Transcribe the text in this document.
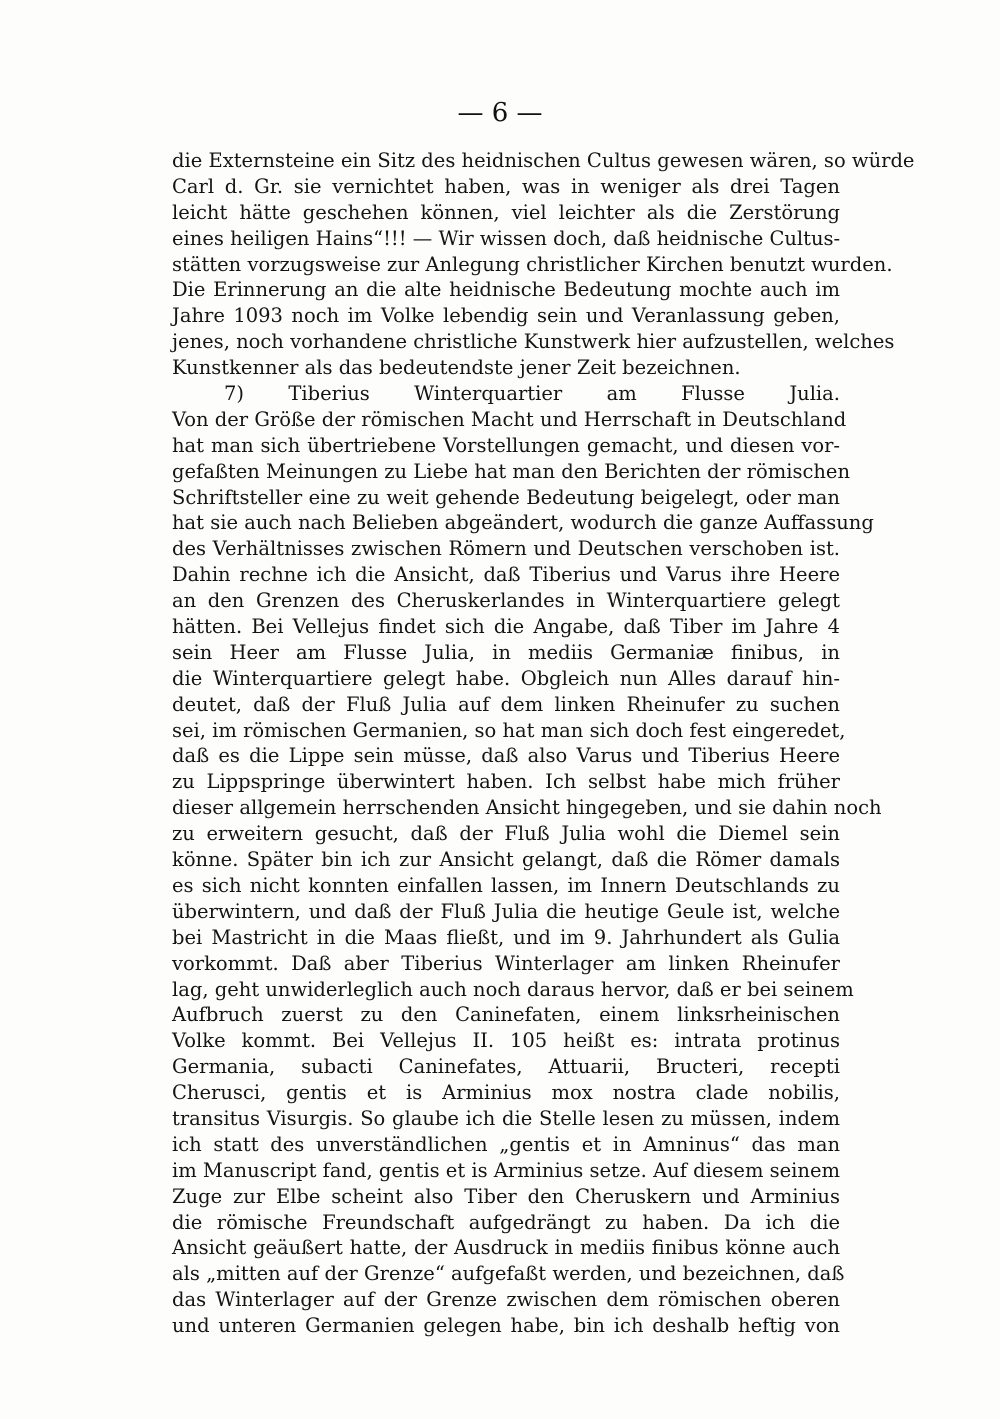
— 6 —
die Externsteine ein Sitz des heidnischen Cultus gewesen wären, so würde
Carl d. Gr. sie vernichtet haben, was in weniger als drei Tagen
leicht hätte geschehen können, viel leichter als die Zerstörung
eines heiligen Hains“!!! — Wir wissen doch, daß heidnische Cultus-
stätten vorzugsweise zur Anlegung christlicher Kirchen benutzt wurden.
Die Erinnerung an die alte heidnische Bedeutung mochte auch im
Jahre 1093 noch im Volke lebendig sein und Veranlassung geben,
jenes, noch vorhandene christliche Kunstwerk hier aufzustellen, welches
Kunstkenner als das bedeutendste jener Zeit bezeichnen.
7) Tiberius Winterquartier am Flusse Julia.
Von der Größe der römischen Macht und Herrschaft in Deutschland
hat man sich übertriebene Vorstellungen gemacht, und diesen vor-
gefaßten Meinungen zu Liebe hat man den Berichten der römischen
Schriftsteller eine zu weit gehende Bedeutung beigelegt, oder man
hat sie auch nach Belieben abgeändert, wodurch die ganze Auffassung
des Verhältnisses zwischen Römern und Deutschen verschoben ist.
Dahin rechne ich die Ansicht, daß Tiberius und Varus ihre Heere
an den Grenzen des Cheruskerlandes in Winterquartiere gelegt
hätten. Bei Vellejus findet sich die Angabe, daß Tiber im Jahre 4
sein Heer am Flusse Julia, in mediis Germaniæ finibus, in
die Winterquartiere gelegt habe. Obgleich nun Alles darauf hin-
deutet, daß der Fluß Julia auf dem linken Rheinufer zu suchen
sei, im römischen Germanien, so hat man sich doch fest eingeredet,
daß es die Lippe sein müsse, daß also Varus und Tiberius Heere
zu Lippspringe überwintert haben. Ich selbst habe mich früher
dieser allgemein herrschenden Ansicht hingegeben, und sie dahin noch
zu erweitern gesucht, daß der Fluß Julia wohl die Diemel sein
könne. Später bin ich zur Ansicht gelangt, daß die Römer damals
es sich nicht konnten einfallen lassen, im Innern Deutschlands zu
überwintern, und daß der Fluß Julia die heutige Geule ist, welche
bei Mastricht in die Maas fließt, und im 9. Jahrhundert als Gulia
vorkommt. Daß aber Tiberius Winterlager am linken Rheinufer
lag, geht unwiderleglich auch noch daraus hervor, daß er bei seinem
Aufbruch zuerst zu den Caninefaten, einem linksrheinischen
Volke kommt. Bei Vellejus II. 105 heißt es: intrata protinus
Germania, subacti Caninefates, Attuarii, Bructeri, recepti
Cherusci, gentis et is Arminius mox nostra clade nobilis,
transitus Visurgis. So glaube ich die Stelle lesen zu müssen, indem
ich statt des unverständlichen „gentis et in Amninus“ das man
im Manuscript fand, gentis et is Arminius setze. Auf diesem seinem
Zuge zur Elbe scheint also Tiber den Cheruskern und Arminius
die römische Freundschaft aufgedrängt zu haben. Da ich die
Ansicht geäußert hatte, der Ausdruck in mediis finibus könne auch
als „mitten auf der Grenze“ aufgefaßt werden, und bezeichnen, daß
das Winterlager auf der Grenze zwischen dem römischen oberen
und unteren Germanien gelegen habe, bin ich deshalb heftig von
